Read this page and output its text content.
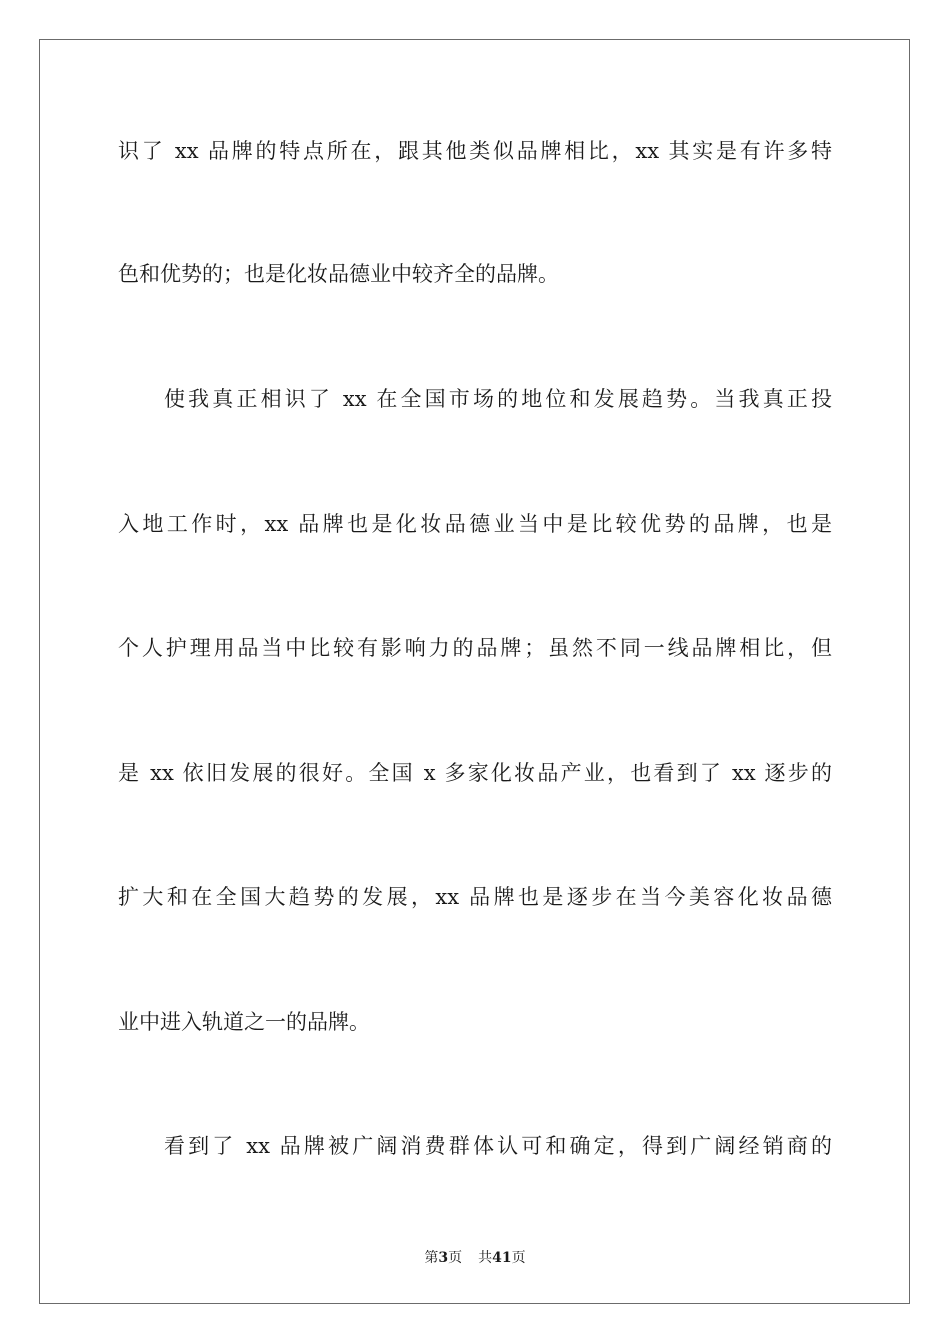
识了 xx 品牌的特点所在，跟其他类似品牌相比，xx 其实是有许多特
色和优势的；也是化妆品德业中较齐全的品牌。
使我真正相识了 xx 在全国市场的地位和发展趋势。当我真正投
入地工作时，xx 品牌也是化妆品德业当中是比较优势的品牌，也是
个人护理用品当中比较有影响力的品牌；虽然不同一线品牌相比，但
是 xx 依旧发展的很好。全国 x 多家化妆品产业，也看到了 xx 逐步的
扩大和在全国大趋势的发展，xx 品牌也是逐步在当今美容化妆品德
业中进入轨道之一的品牌。
看到了 xx 品牌被广阔消费群体认可和确定，得到广阔经销商的
第3页 共41页
